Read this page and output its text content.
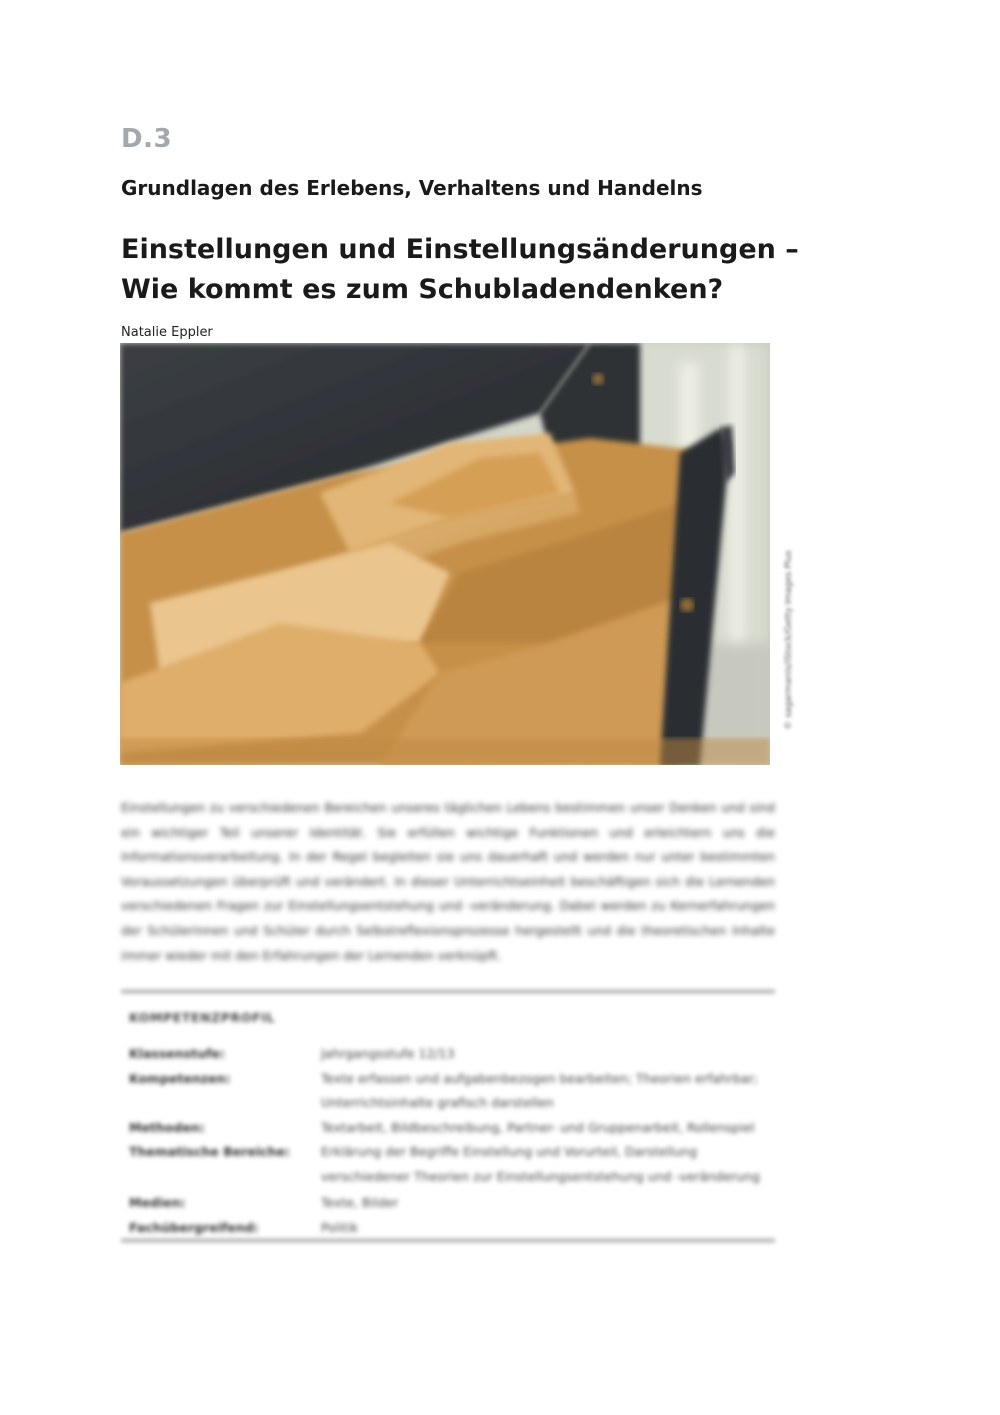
D.3
Grundlagen des Erlebens, Verhaltens und Handelns
Einstellungen und Einstellungsänderungen – Wie kommt es zum Schubladendenken?
Natalie Eppler
© sagarmanis/iStock/Getty Images Plus
Einstellungen zu verschiedenen Bereichen unseres täglichen Lebens bestimmen unser Denken und sind ein wichtiger Teil unserer Identität. Sie erfüllen wichtige Funktionen und erleichtern uns die Informationsverarbeitung. In der Regel begleiten sie uns dauerhaft und werden nur unter bestimmten Voraussetzungen überprüft und verändert. In dieser Unterrichtseinheit beschäftigen sich die Lernenden verschiedenen Fragen zur Einstellungsentstehung und -veränderung. Dabei werden zu Kernerfahrungen der Schülerinnen und Schüler durch Selbstreflexionsprozesse hergestellt und die theoretischen Inhalte immer wieder mit den Erfahrungen der Lernenden verknüpft.
KOMPETENZPROFIL
Klassenstufe:	Jahrgangsstufe 12/13
Kompetenzen:	Texte erfassen und aufgabenbezogen bearbeiten; Theorien erfahrbar; Unterrichtsinhalte grafisch darstellen
Methoden:	Textarbeit, Bildbeschreibung, Partner- und Gruppenarbeit, Rollenspiel
Thematische Bereiche:	Erklärung der Begriffe Einstellung und Vorurteil, Darstellung verschiedener Theorien zur Einstellungsentstehung und -veränderung
Medien:	Texte, Bilder
Fachübergreifend:	Politik
